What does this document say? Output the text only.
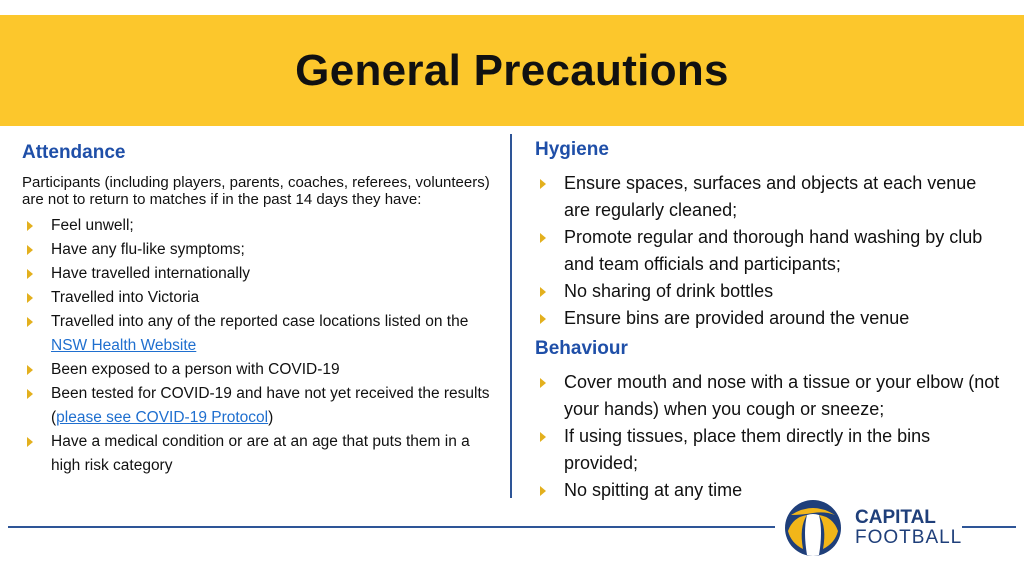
General Precautions
Attendance

Participants (including players, parents, coaches, referees, volunteers) are not to return to matches if in the past 14 days they have:

Feel unwell;
Have any flu-like symptoms;
Have travelled internationally
Travelled into Victoria
Travelled into any of the reported case locations listed on the NSW Health Website
Been exposed to a person with COVID-19
Been tested for COVID-19 and have not yet received the results (please see COVID-19 Protocol)
Have a medical condition or are at an age that puts them in a high risk category
Hygiene
Ensure spaces, surfaces and objects at each venue are regularly cleaned;
Promote regular and thorough hand washing by club and team officials and participants;
No sharing of drink bottles
Ensure bins are provided around the venue
Behaviour
Cover mouth and nose with a tissue or your elbow (not your hands) when you cough or sneeze;
If using tissues, place them directly in the bins provided;
No spitting at any time
CAPITAL
FOOTBALL
